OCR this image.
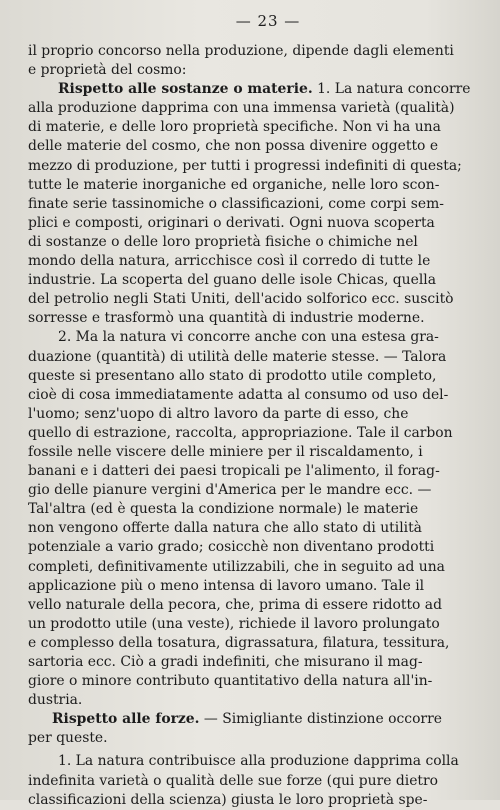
— 23 —
il proprio concorso nella produzione, dipende dagli elementi
e proprietà del cosmo:
Rispetto alle sostanze o materie. 1. La natura concorre
alla produzione dapprima con una immensa varietà (qualità)
di materie, e delle loro proprietà specifiche. Non vi ha una
delle materie del cosmo, che non possa divenire oggetto e
mezzo di produzione, per tutti i progressi indefiniti di questa;
tutte le materie inorganiche ed organiche, nelle loro scon-
finate serie tassinomiche o classificazioni, come corpi sem-
plici e composti, originari o derivati. Ogni nuova scoperta
di sostanze o delle loro proprietà fisiche o chimiche nel
mondo della natura, arricchisce così il corredo di tutte le
industrie. La scoperta del guano delle isole Chicas, quella
del petrolio negli Stati Uniti, dell'acido solforico ecc. suscitò
sorresse e trasformò una quantità di industrie moderne.
2. Ma la natura vi concorre anche con una estesa gra-
duazione (quantità) di utilità delle materie stesse. — Talora
queste si presentano allo stato di prodotto utile completo,
cioè di cosa immediatamente adatta al consumo od uso del-
l'uomo; senz'uopo di altro lavoro da parte di esso, che
quello di estrazione, raccolta, appropriazione. Tale il carbon
fossile nelle viscere delle miniere per il riscaldamento, i
banani e i datteri dei paesi tropicali pe l'alimento, il forag-
gio delle pianure vergini d'America per le mandre ecc. —
Tal'altra (ed è questa la condizione normale) le materie
non vengono offerte dalla natura che allo stato di utilità
potenziale a vario grado; cosicchè non diventano prodotti
completi, definitivamente utilizzabili, che in seguito ad una
applicazione più o meno intensa di lavoro umano. Tale il
vello naturale della pecora, che, prima di essere ridotto ad
un prodotto utile (una veste), richiede il lavoro prolungato
e complesso della tosatura, digrassatura, filatura, tessitura,
sartoria ecc. Ciò a gradi indefiniti, che misurano il mag-
giore o minore contributo quantitativo della natura all'in-
dustria.
Rispetto alle forze. — Simigliante distinzione occorre
per queste.
1. La natura contribuisce alla produzione dapprima colla
indefinita varietà o qualità delle sue forze (qui pure dietro
classificazioni della scienza) giusta le loro proprietà spe-
